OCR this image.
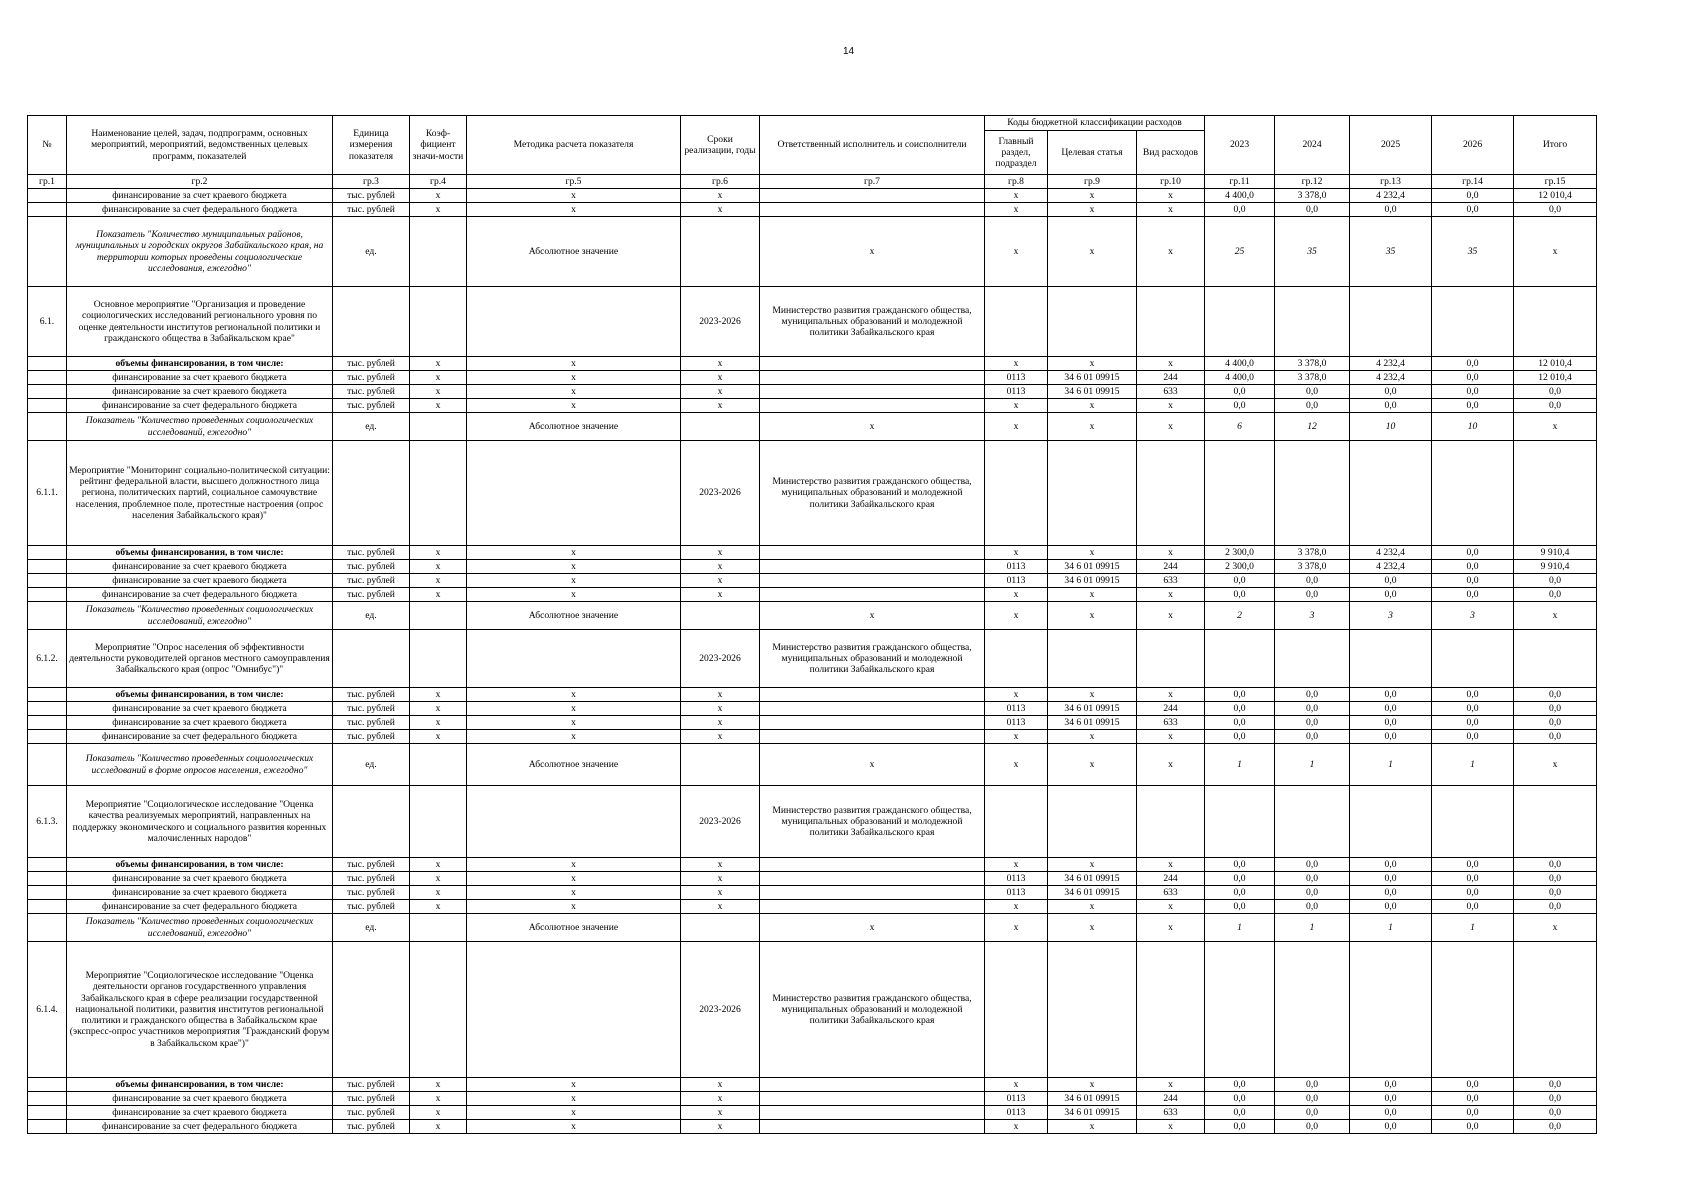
14
№	Наименование целей, задач, подпрограмм, основных мероприятий, мероприятий, ведомственных целевых программ, показателей	Единица измерения показателя	Коэф-фициент значи-мости	Методика расчета показателя	Сроки реализации, годы	Ответственный исполнитель и соисполнители	Коды бюджетной классификации расходов			2023	2024	2025	2026	Итого
							Главный раздел, подраздел	Целевая статья	Вид расходов					
гр.1	гр.2	гр.3	гр.4	гр.5	гр.6	гр.7	гр.8	гр.9	гр.10	гр.11	гр.12	гр.13	гр.14	гр.15
	финансирование за счет краевого бюджета	тыс. рублей	x	x	x		x	x	x	4 400,0	3 378,0	4 232,4	0,0	12 010,4
	финансирование за счет федерального бюджета	тыс. рублей	x	x	x		x	x	x	0,0	0,0	0,0	0,0	0,0
	Показатель "Количество муниципальных районов, муниципальных и городских округов Забайкальского края, на территории которых проведены социологические исследования, ежегодно"	ед.		Абсолютное значение		x	x	x	x	25	35	35	35	x
6.1.	Основное мероприятие "Организация и проведение социологических исследований регионального уровня по оценке деятельности институтов региональной политики и гражданского общества в Забайкальском крае"				2023-2026	Министерство развития гражданского общества, муниципальных образований и молодежной политики Забайкальского края								
	объемы финансирования, в том числе:	тыс. рублей	x	x	x		x	x	x	4 400,0	3 378,0	4 232,4	0,0	12 010,4
	финансирование за счет краевого бюджета	тыс. рублей	x	x	x		0113	34 6 01 09915	244	4 400,0	3 378,0	4 232,4	0,0	12 010,4
	финансирование за счет краевого бюджета	тыс. рублей	x	x	x		0113	34 6 01 09915	633	0,0	0,0	0,0	0,0	0,0
	финансирование за счет федерального бюджета	тыс. рублей	x	x	x		x	x	x	0,0	0,0	0,0	0,0	0,0
	Показатель "Количество проведенных социологических исследований, ежегодно"	ед.		Абсолютное значение		x	x	x	x	6	12	10	10	x
6.1.1.	Мероприятие "Мониторинг социально-политической ситуации: рейтинг федеральной власти, высшего должностного лица региона, политических партий, социальное самочувствие населения, проблемное поле, протестные настроения (опрос населения Забайкальского края)"				2023-2026	Министерство развития гражданского общества, муниципальных образований и молодежной политики Забайкальского края								
	объемы финансирования, в том числе:	тыс. рублей	x	x	x		x	x	x	2 300,0	3 378,0	4 232,4	0,0	9 910,4
	финансирование за счет краевого бюджета	тыс. рублей	x	x	x		0113	34 6 01 09915	244	2 300,0	3 378,0	4 232,4	0,0	9 910,4
	финансирование за счет краевого бюджета	тыс. рублей	x	x	x		0113	34 6 01 09915	633	0,0	0,0	0,0	0,0	0,0
	финансирование за счет федерального бюджета	тыс. рублей	x	x	x		x	x	x	0,0	0,0	0,0	0,0	0,0
	Показатель "Количество проведенных социологических исследований, ежегодно"	ед.		Абсолютное значение		x	x	x	x	2	3	3	3	x
6.1.2.	Мероприятие "Опрос населения об эффективности деятельности руководителей органов местного самоуправления Забайкальского края (опрос "Омнибус")"				2023-2026	Министерство развития гражданского общества, муниципальных образований и молодежной политики Забайкальского края								
	объемы финансирования, в том числе:	тыс. рублей	x	x	x		x	x	x	0,0	0,0	0,0	0,0	0,0
	финансирование за счет краевого бюджета	тыс. рублей	x	x	x		0113	34 6 01 09915	244	0,0	0,0	0,0	0,0	0,0
	финансирование за счет краевого бюджета	тыс. рублей	x	x	x		0113	34 6 01 09915	633	0,0	0,0	0,0	0,0	0,0
	финансирование за счет федерального бюджета	тыс. рублей	x	x	x		x	x	x	0,0	0,0	0,0	0,0	0,0
	Показатель "Количество проведенных социологических исследований в форме опросов населения, ежегодно"	ед.		Абсолютное значение		x	x	x	x	1	1	1	1	x
6.1.3.	Мероприятие "Социологическое исследование "Оценка качества реализуемых мероприятий, направленных на поддержку экономического и социального развития коренных малочисленных народов"				2023-2026	Министерство развития гражданского общества, муниципальных образований и молодежной политики Забайкальского края								
	объемы финансирования, в том числе:	тыс. рублей	x	x	x		x	x	x	0,0	0,0	0,0	0,0	0,0
	финансирование за счет краевого бюджета	тыс. рублей	x	x	x		0113	34 6 01 09915	244	0,0	0,0	0,0	0,0	0,0
	финансирование за счет краевого бюджета	тыс. рублей	x	x	x		0113	34 6 01 09915	633	0,0	0,0	0,0	0,0	0,0
	финансирование за счет федерального бюджета	тыс. рублей	x	x	x		x	x	x	0,0	0,0	0,0	0,0	0,0
	Показатель "Количество проведенных социологических исследований, ежегодно"	ед.		Абсолютное значение		x	x	x	x	1	1	1	1	x
6.1.4.	Мероприятие "Социологическое исследование "Оценка деятельности органов государственного управления Забайкальского края в сфере реализации государственной национальной политики, развития институтов региональной политики и гражданского общества в Забайкальском крае (экспресс-опрос участников мероприятия "Гражданский форум в Забайкальском крае")"				2023-2026	Министерство развития гражданского общества, муниципальных образований и молодежной политики Забайкальского края								
	объемы финансирования, в том числе:	тыс. рублей	x	x	x		x	x	x	0,0	0,0	0,0	0,0	0,0
	финансирование за счет краевого бюджета	тыс. рублей	x	x	x		0113	34 6 01 09915	244	0,0	0,0	0,0	0,0	0,0
	финансирование за счет краевого бюджета	тыс. рублей	x	x	x		0113	34 6 01 09915	633	0,0	0,0	0,0	0,0	0,0
	финансирование за счет федерального бюджета	тыс. рублей	x	x	x		x	x	x	0,0	0,0	0,0	0,0	0,0
